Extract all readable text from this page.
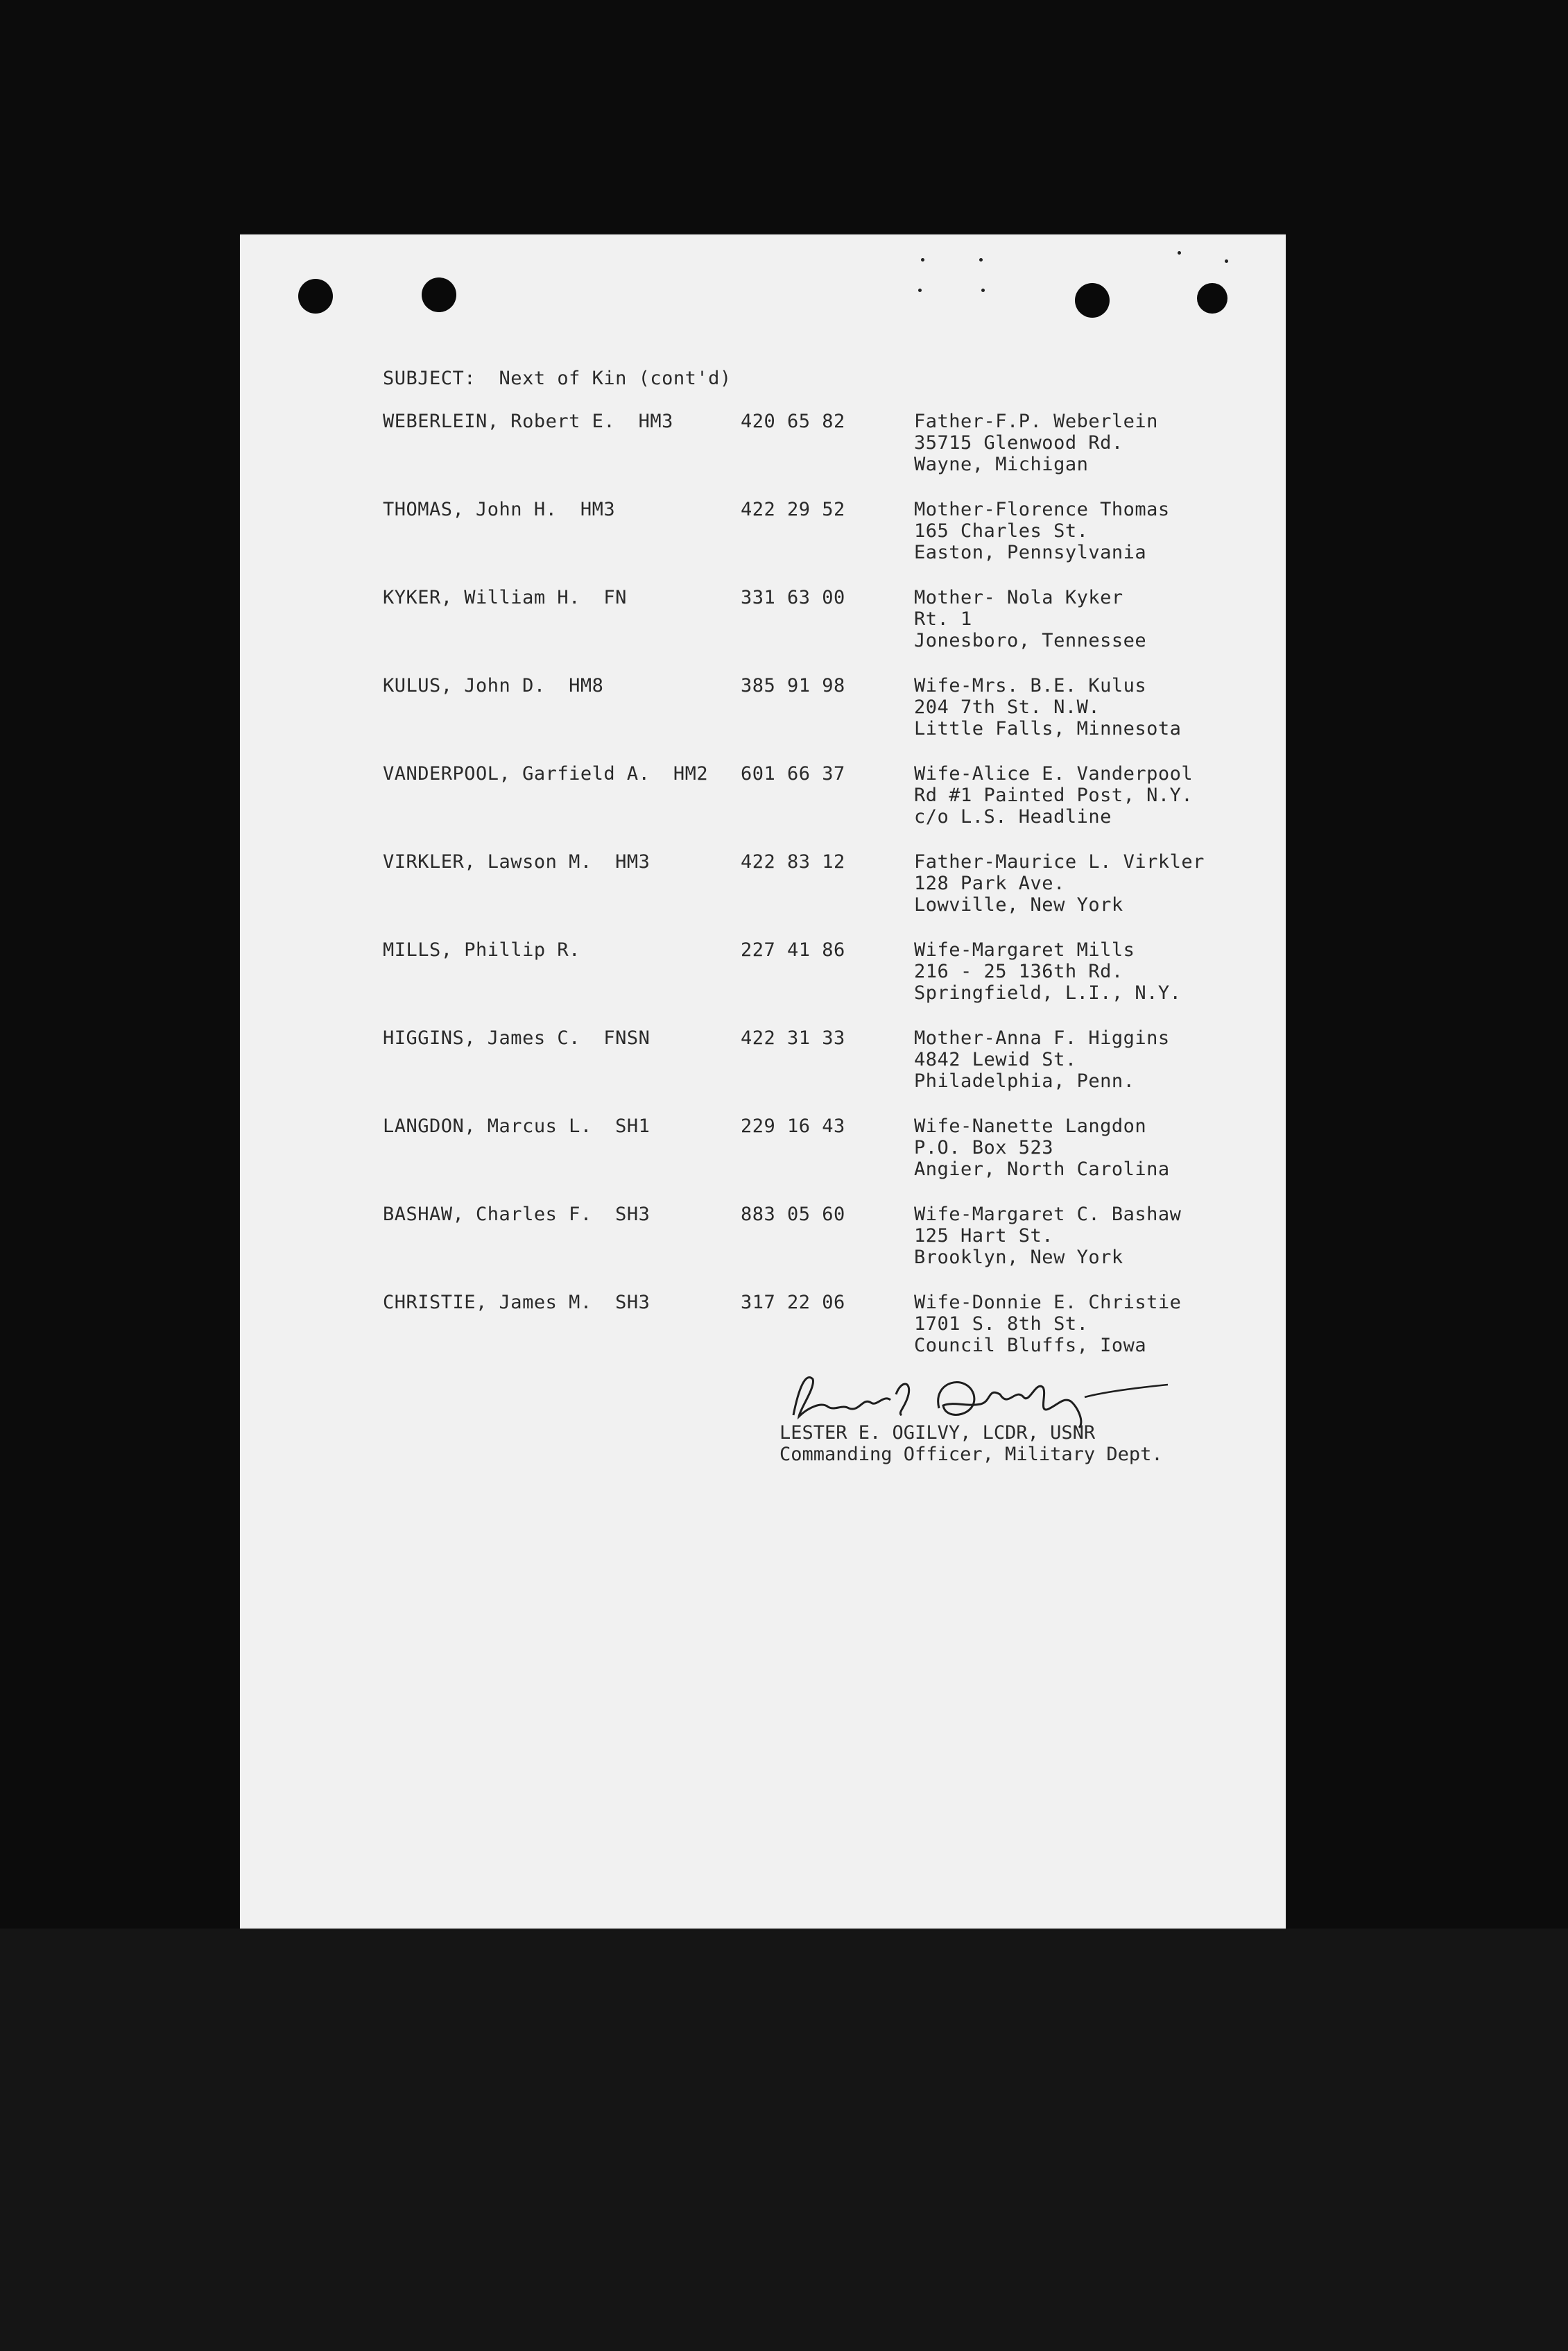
SUBJECT:  Next of Kin (cont'd)
WEBERLEIN, Robert E.  HM3	420 65 82	Father-F.P. Weberlein
35715 Glenwood Rd.
Wayne, Michigan
THOMAS, John H.  HM3	422 29 52	Mother-Florence Thomas
165 Charles St.
Easton, Pennsylvania
KYKER, William H.  FN	331 63 00	Mother- Nola Kyker
Rt. 1
Jonesboro, Tennessee
KULUS, John D.  HM8	385 91 98	Wife-Mrs. B.E. Kulus
204 7th St. N.W.
Little Falls, Minnesota
VANDERPOOL, Garfield A.  HM2 601 66 37	Wife-Alice E. Vanderpool
Rd #1 Painted Post, N.Y.
c/o L.S. Headline
VIRKLER, Lawson M.  HM3	422 83 12	Father-Maurice L. Virkler
128 Park Ave.
Lowville, New York
MILLS, Phillip R.	227 41 86	Wife-Margaret Mills
216 - 25 136th Rd.
Springfield, L.I., N.Y.
HIGGINS, James C.  FNSN	422 31 33	Mother-Anna F. Higgins
4842 Lewid St.
Philadelphia, Penn.
LANGDON, Marcus L.  SH1	229 16 43	Wife-Nanette Langdon
P.O. Box 523
Angier, North Carolina
BASHAW, Charles F.  SH3	883 05 60	Wife-Margaret C. Bashaw
125 Hart St.
Brooklyn, New York
CHRISTIE, James M.  SH3	317 22 06	Wife-Donnie E. Christie
1701 S. 8th St.
Council Bluffs, Iowa
LESTER E. OGILVY, LCDR, USNR
Commanding Officer, Military Dept.
